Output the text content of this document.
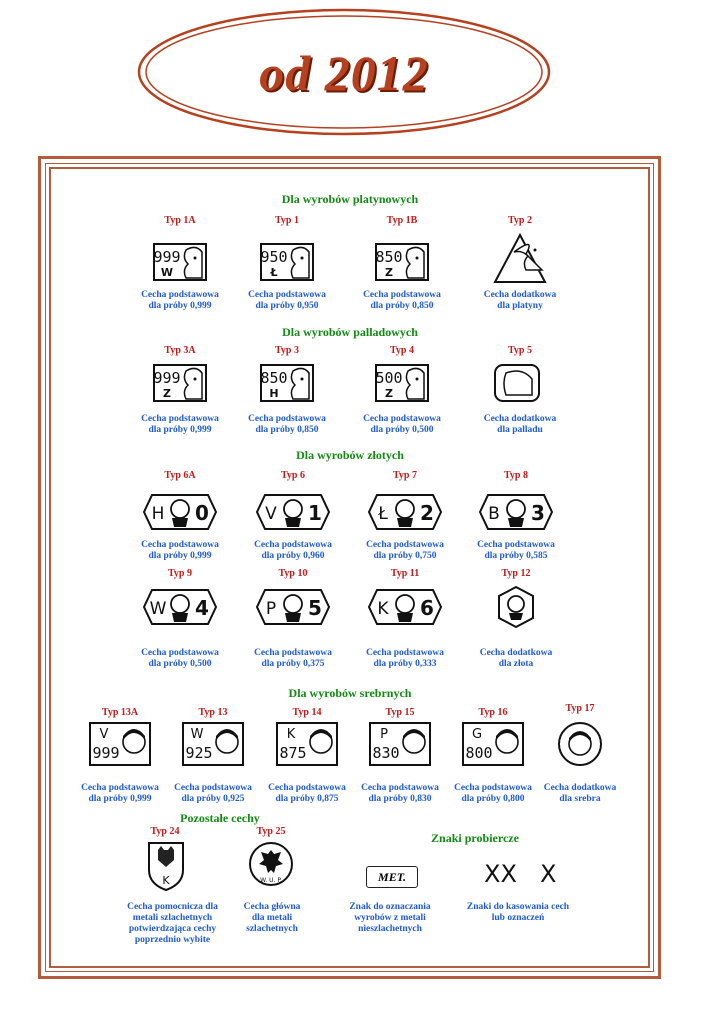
od 2012
Dla wyrobów platynowych
Dla wyrobów palladowych
Dla wyrobów złotych
Dla wyrobów srebrnych
Pozostałe cechy
Znaki probiercze
Typ 1A
999
W
Cecha podstawowa
dla próby 0,999
Typ 1
950
Ł
Cecha podstawowa
dla próby 0,950
Typ 1B
850
Z
Cecha podstawowa
dla próby 0,850
Typ 2
Cecha dodatkowa
dla platyny
Typ 3A
999
Z
Cecha podstawowa
dla próby 0,999
Typ 3
850
H
Cecha podstawowa
dla próby 0,850
Typ 4
500
Z
Cecha podstawowa
dla próby 0,500
Typ 5
Cecha dodatkowa
dla palladu
Typ 6A
H 0
Cecha podstawowa
dla próby 0,999
Typ 6
V 1
Cecha podstawowa
dla próby 0,960
Typ 7
Ł 2
Cecha podstawowa
dla próby 0,750
Typ 8
B 3
Cecha podstawowa
dla próby 0,585
Typ 9
W 4
Cecha podstawowa
dla próby 0,500
Typ 10
P 5
Cecha podstawowa
dla próby 0,375
Typ 11
K 6
Cecha podstawowa
dla próby 0,333
Typ 12
Cecha dodatkowa
dla złota
Typ 13A
V
999
Cecha podstawowa
dla próby 0,999
Typ 13
W
925
Cecha podstawowa
dla próby 0,925
Typ 14
K
875
Cecha podstawowa
dla próby 0,875
Typ 15
P
830
Cecha podstawowa
dla próby 0,830
Typ 16
G
800
Cecha podstawowa
dla próby 0,800
Typ 17
Cecha dodatkowa
dla srebra
Typ 24
K
Cecha pomocnicza dla
metali szlachetnych
potwierdzająca cechy
poprzednio wybite
Typ 25
W. U. P.
Cecha główna
dla metali
szlachetnych
MET.
Znak do oznaczania
wyrobów z metali
nieszlachetnych
ⅩⅩ Ⅹ
Znaki do kasowania cech
lub oznaczeń
